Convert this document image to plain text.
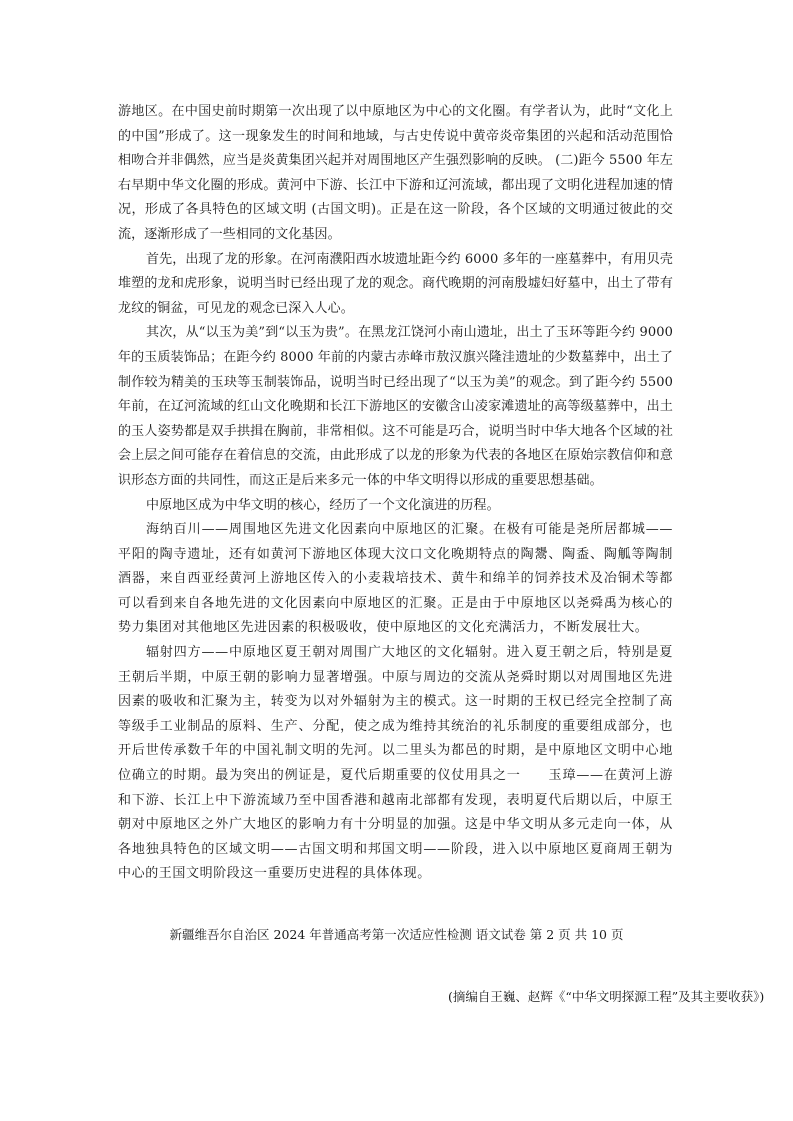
游地区。在中国史前时期第一次出现了以中原地区为中心的文化圈。有学者认为，此时“文化上的中国”形成了。这一现象发生的时间和地域，与古史传说中黄帝炎帝集团的兴起和活动范围恰相吻合并非偶然，应当是炎黄集团兴起并对周围地区产生强烈影响的反映。 (二)距今 5500 年左右早期中华文化圈的形成。黄河中下游、长江中下游和辽河流域，都出现了文明化进程加速的情况，形成了各具特色的区域文明 (古国文明)。正是在这一阶段，各个区域的文明通过彼此的交流，逐渐形成了一些相同的文化基因。

首先，出现了龙的形象。在河南濮阳西水坡遗址距今约 6000 多年的一座墓葬中，有用贝壳堆塑的龙和虎形象，说明当时已经出现了龙的观念。商代晚期的河南殷墟妇好墓中，出土了带有龙纹的铜盆，可见龙的观念已深入人心。

其次，从“以玉为美”到“以玉为贵”。在黑龙江饶河小南山遗址，出土了玉环等距今约 9000 年的玉质装饰品；在距今约 8000 年前的内蒙古赤峰市敖汉旗兴隆洼遗址的少数墓葬中，出土了制作较为精美的玉玦等玉制装饰品，说明当时已经出现了“以玉为美”的观念。到了距今约 5500 年前，在辽河流域的红山文化晚期和长江下游地区的安徽含山凌家滩遗址的高等级墓葬中，出土的玉人姿势都是双手拱揖在胸前，非常相似。这不可能是巧合，说明当时中华大地各个区域的社会上层之间可能存在着信息的交流，由此形成了以龙的形象为代表的各地区在原始宗教信仰和意识形态方面的共同性，而这正是后来多元一体的中华文明得以形成的重要思想基础。

中原地区成为中华文明的核心，经历了一个文化演进的历程。

海纳百川——周围地区先进文化因素向中原地区的汇聚。在极有可能是尧所居都城——平阳的陶寺遗址，还有如黄河下游地区体现大汶口文化晚期特点的陶鬹、陶盉、陶觚等陶制酒器，来自西亚经黄河上游地区传入的小麦栽培技术、黄牛和绵羊的饲养技术及冶铜术等都可以看到来自各地先进的文化因素向中原地区的汇聚。正是由于中原地区以尧舜禹为核心的势力集团对其他地区先进因素的积极吸收，使中原地区的文化充满活力，不断发展壮大。

辐射四方——中原地区夏王朝对周围广大地区的文化辐射。进入夏王朝之后，特别是夏王朝后半期，中原王朝的影响力显著增强。中原与周边的交流从尧舜时期以对周围地区先进因素的吸收和汇聚为主，转变为以对外辐射为主的模式。这一时期的王权已经完全控制了高等级手工业制品的原料、生产、分配，使之成为维持其统治的礼乐制度的重要组成部分，也开后世传承数千年的中国礼制文明的先河。以二里头为都邑的时期，是中原地区文明中心地位确立的时期。最为突出的例证是，夏代后期重要的仪仗用具之一　　玉璋——在黄河上游和下游、长江上中下游流域乃至中国香港和越南北部都有发现，表明夏代后期以后，中原王朝对中原地区之外广大地区的影响力有十分明显的加强。这是中华文明从多元走向一体，从各地独具特色的区域文明——古国文明和邦国文明——阶段，进入以中原地区夏商周王朝为中心的王国文明阶段这一重要历史进程的具体体现。

(摘编自王巍、赵辉《“中华文明探源工程”及其主要收获》)
新疆维吾尔自治区 2024 年普通高考第一次适应性检测 语文试卷 第 2 页 共 10 页
